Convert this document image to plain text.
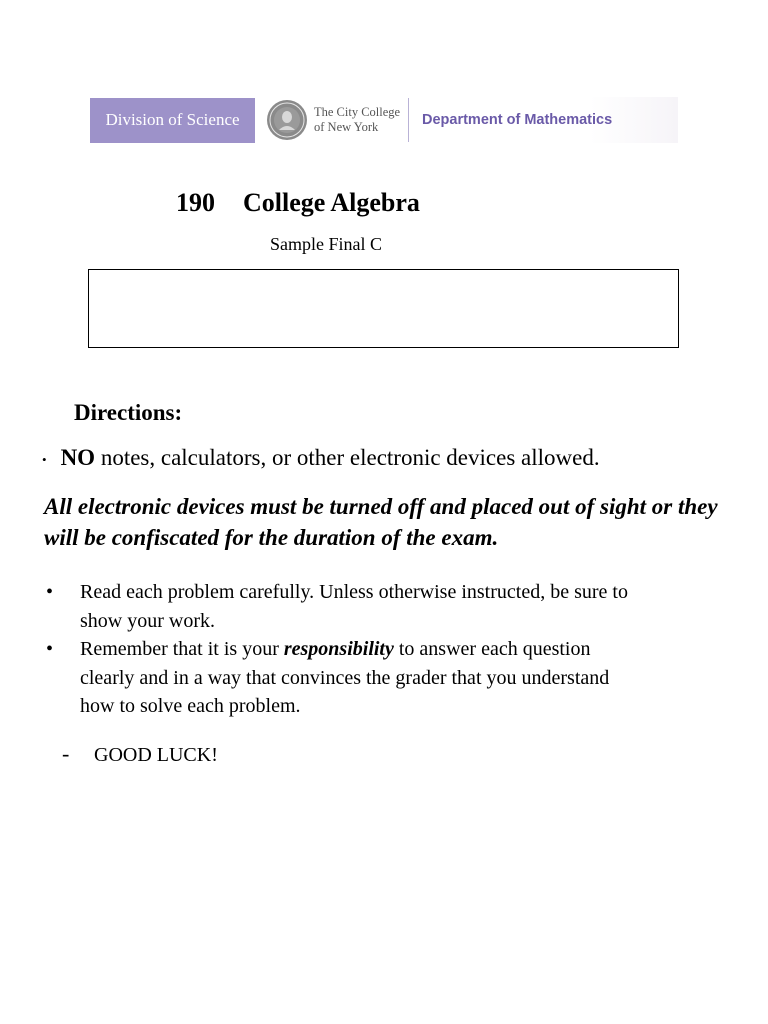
Division of Science	The City College
of New York	Department of Mathematics
190 College Algebra
Sample Final C
Directions:
• NO notes, calculators, or other electronic devices allowed.
All electronic devices must be turned off and placed out of sight or they will be confiscated for the duration of the exam.
•	Read each problem carefully. Unless otherwise instructed, be sure to show your work.
•	Remember that it is your responsibility to answer each question clearly and in a way that convinces the grader that you understand how to solve each problem.
- GOOD LUCK!
